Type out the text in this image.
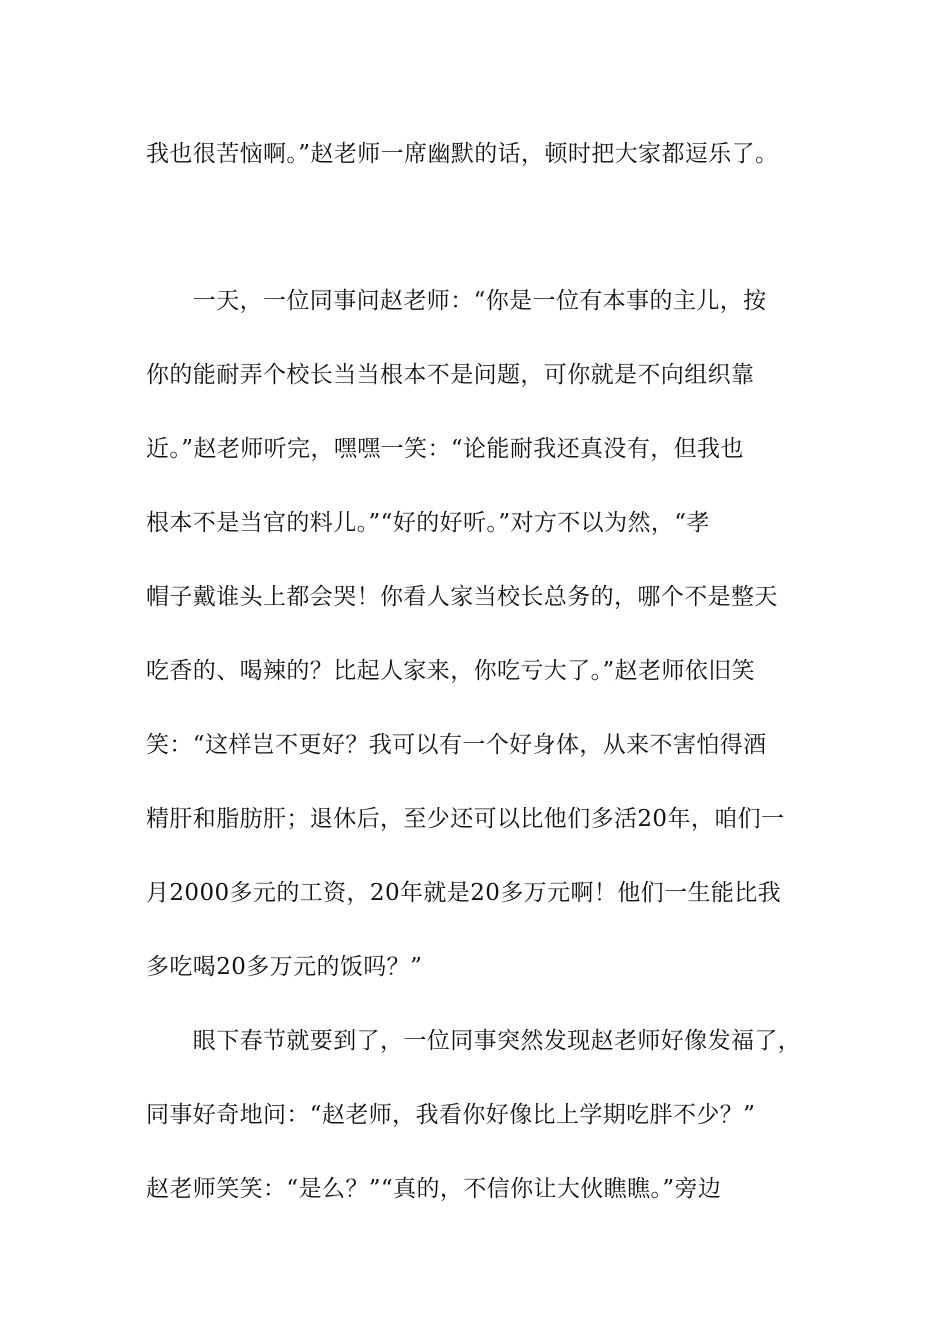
我也很苦恼啊。”赵老师一席幽默的话，顿时把大家都逗乐了。
　　一天，一位同事问赵老师：“你是一位有本事的主儿，按
你的能耐弄个校长当当根本不是问题，可你就是不向组织靠
近。”赵老师听完，嘿嘿一笑：“论能耐我还真没有，但我也
根本不是当官的料儿。”“好的好听。”对方不以为然，“孝
帽子戴谁头上都会哭！你看人家当校长总务的，哪个不是整天
吃香的、喝辣的？比起人家来，你吃亏大了。”赵老师依旧笑
笑：“这样岂不更好？我可以有一个好身体，从来不害怕得酒
精肝和脂肪肝；退休后，至少还可以比他们多活20年，咱们一
月2000多元的工资，20年就是20多万元啊！他们一生能比我
多吃喝20多万元的饭吗？”
　　眼下春节就要到了，一位同事突然发现赵老师好像发福了，
同事好奇地问：“赵老师，我看你好像比上学期吃胖不少？”
赵老师笑笑：“是么？”“真的，不信你让大伙瞧瞧。”旁边
